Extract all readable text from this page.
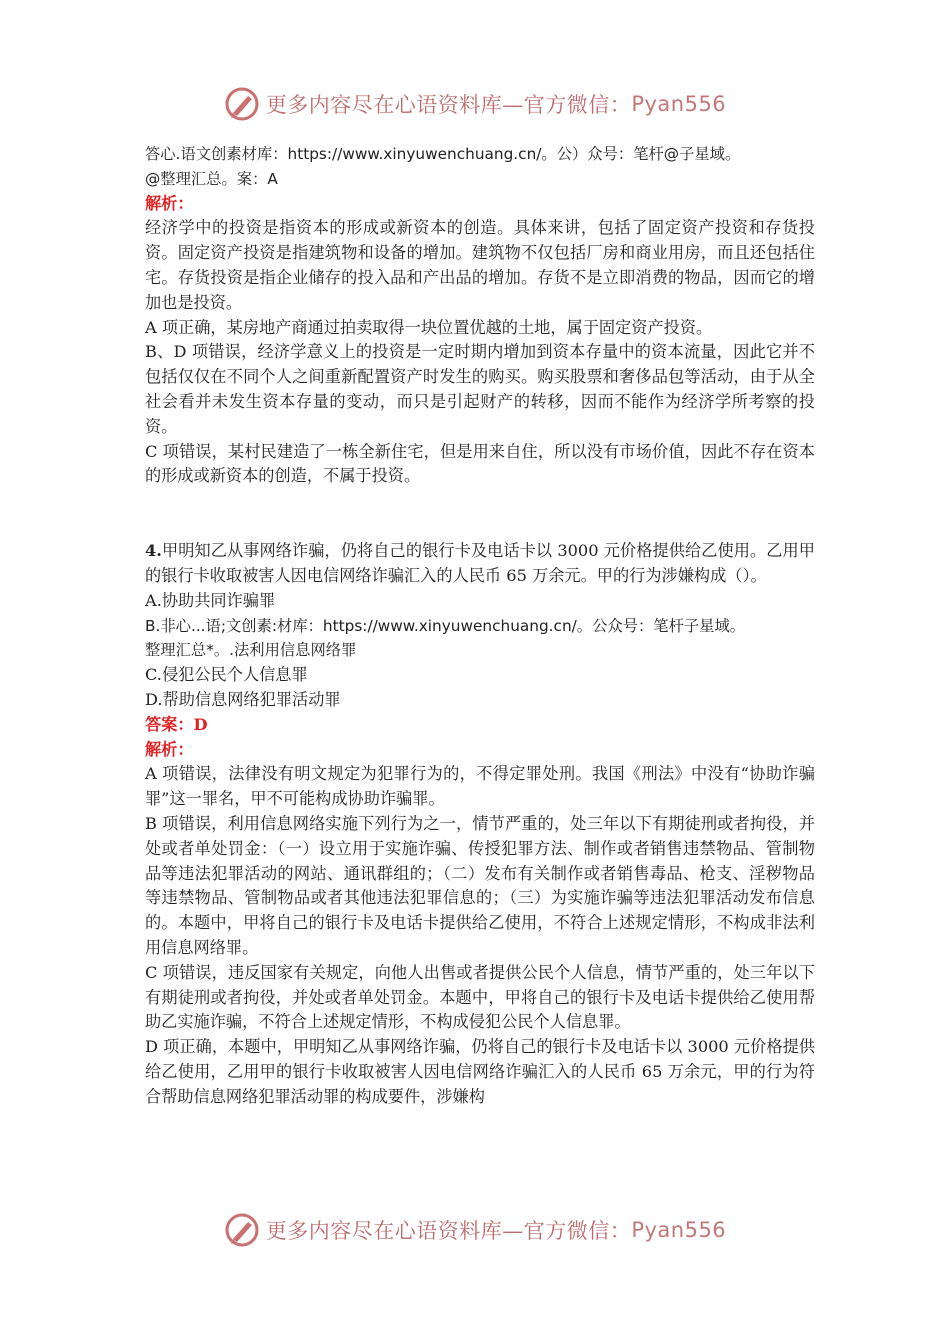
更多内容尽在心语资料库—官方微信： Pyan556

答心.语文创素材库：https://www.xinyuwenchuang.cn/。公）众号：笔杆@子星域。

@整理汇总。案：A

解析：

经济学中的投资是指资本的形成或新资本的创造。具体来讲，包括了固定资产投资和存货投资。固定资产投资是指建筑物和设备的增加。建筑物不仅包括厂房和商业用房，而且还包括住宅。存货投资是指企业储存的投入品和产出品的增加。存货不是立即消费的物品，因而它的增加也是投资。

A 项正确，某房地产商通过拍卖取得一块位置优越的土地，属于固定资产投资。

B、D 项错误，经济学意义上的投资是一定时期内增加到资本存量中的资本流量，因此它并不包括仅仅在不同个人之间重新配置资产时发生的购买。购买股票和奢侈品包等活动，由于从全社会看并未发生资本存量的变动，而只是引起财产的转移，因而不能作为经济学所考察的投资。

C 项错误，某村民建造了一栋全新住宅，但是用来自住，所以没有市场价值，因此不存在资本的形成或新资本的创造，不属于投资。

4.甲明知乙从事网络诈骗，仍将自己的银行卡及电话卡以 3000 元价格提供给乙使用。乙用甲的银行卡收取被害人因电信网络诈骗汇入的人民币 65 万余元。甲的行为涉嫌构成（）。

A.协助共同诈骗罪

B.非心...语;文创素:材库：https://www.xinyuwenchuang.cn/。公众号：笔杆子星域。

整理汇总*。.法利用信息网络罪

C.侵犯公民个人信息罪

D.帮助信息网络犯罪活动罪

答案：D

解析：

A 项错误，法律没有明文规定为犯罪行为的，不得定罪处刑。我国《刑法》中没有“协助诈骗罪”这一罪名，甲不可能构成协助诈骗罪。

B 项错误，利用信息网络实施下列行为之一，情节严重的，处三年以下有期徒刑或者拘役，并处或者单处罚金：（一）设立用于实施诈骗、传授犯罪方法、制作或者销售违禁物品、管制物品等违法犯罪活动的网站、通讯群组的；（二）发布有关制作或者销售毒品、枪支、淫秽物品等违禁物品、管制物品或者其他违法犯罪信息的；（三）为实施诈骗等违法犯罪活动发布信息的。本题中，甲将自己的银行卡及电话卡提供给乙使用，不符合上述规定情形，不构成非法利用信息网络罪。

C 项错误，违反国家有关规定，向他人出售或者提供公民个人信息，情节严重的，处三年以下有期徒刑或者拘役，并处或者单处罚金。本题中，甲将自己的银行卡及电话卡提供给乙使用帮助乙实施诈骗，不符合上述规定情形，不构成侵犯公民个人信息罪。

D 项正确，本题中，甲明知乙从事网络诈骗，仍将自己的银行卡及电话卡以 3000 元价格提供给乙使用，乙用甲的银行卡收取被害人因电信网络诈骗汇入的人民币 65 万余元，甲的行为符合帮助信息网络犯罪活动罪的构成要件，涉嫌构

更多内容尽在心语资料库—官方微信： Pyan556
